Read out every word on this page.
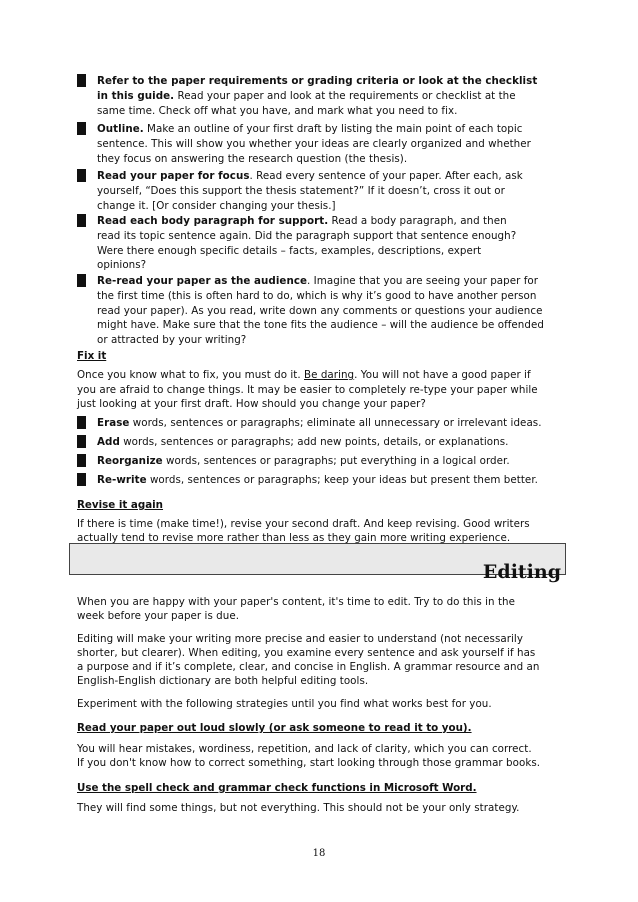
Refer to the paper requirements or grading criteria or look at the checklist
in this guide. Read your paper and look at the requirements or checklist at the
same time. Check off what you have, and mark what you need to fix.
Outline. Make an outline of your first draft by listing the main point of each topic
sentence. This will show you whether your ideas are clearly organized and whether
they focus on answering the research question (the thesis).
Read your paper for focus. Read every sentence of your paper. After each, ask
yourself, “Does this support the thesis statement?” If it doesn’t, cross it out or
change it. [Or consider changing your thesis.]
Read each body paragraph for support. Read a body paragraph, and then
read its topic sentence again. Did the paragraph support that sentence enough?
Were there enough specific details – facts, examples, descriptions, expert
opinions?
Re-read your paper as the audience. Imagine that you are seeing your paper for
the first time (this is often hard to do, which is why it’s good to have another person
read your paper). As you read, write down any comments or questions your audience
might have. Make sure that the tone fits the audience – will the audience be offended
or attracted by your writing?
Fix it
Once you know what to fix, you must do it. Be daring. You will not have a good paper if
you are afraid to change things. It may be easier to completely re-type your paper while
just looking at your first draft. How should you change your paper?
Erase words, sentences or paragraphs; eliminate all unnecessary or irrelevant ideas.
Add words, sentences or paragraphs; add new points, details, or explanations.
Reorganize words, sentences or paragraphs; put everything in a logical order.
Re-write words, sentences or paragraphs; keep your ideas but present them better.
Revise it again
If there is time (make time!), revise your second draft. And keep revising. Good writers
actually tend to revise more rather than less as they gain more writing experience.
Editing
When you are happy with your paper's content, it's time to edit. Try to do this in the
week before your paper is due.
Editing will make your writing more precise and easier to understand (not necessarily
shorter, but clearer). When editing, you examine every sentence and ask yourself if has
a purpose and if it’s complete, clear, and concise in English. A grammar resource and an
English-English dictionary are both helpful editing tools.
Experiment with the following strategies until you find what works best for you.
Read your paper out loud slowly (or ask someone to read it to you).
You will hear mistakes, wordiness, repetition, and lack of clarity, which you can correct.
If you don't know how to correct something, start looking through those grammar books.
Use the spell check and grammar check functions in Microsoft Word.
They will find some things, but not everything. This should not be your only strategy.
18
